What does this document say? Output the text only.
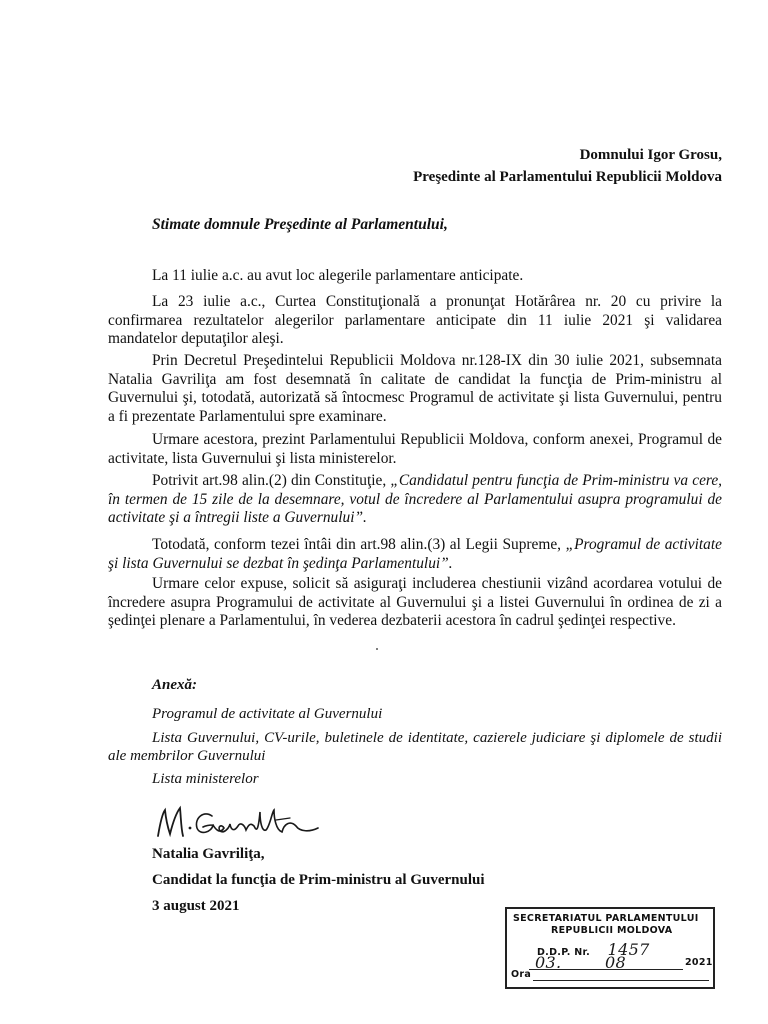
Domnului Igor Grosu,
Preşedinte al Parlamentului Republicii Moldova
Stimate domnule Preşedinte al Parlamentului,
La 11 iulie a.c. au avut loc alegerile parlamentare anticipate.
La 23 iulie a.c., Curtea Constituţională a pronunţat Hotărârea nr. 20 cu privire la confirmarea rezultatelor alegerilor parlamentare anticipate din 11 iulie 2021 şi validarea mandatelor deputaţilor aleşi.
Prin Decretul Preşedintelui Republicii Moldova nr.128-IX din 30 iulie 2021, subsemnata Natalia Gavriliţa am fost desemnată în calitate de candidat la funcţia de Prim-ministru al Guvernului şi, totodată, autorizată să întocmesc Programul de activitate şi lista Guvernului, pentru a fi prezentate Parlamentului spre examinare.
Urmare acestora, prezint Parlamentului Republicii Moldova, conform anexei, Programul de activitate, lista Guvernului şi lista ministerelor.
Potrivit art.98 alin.(2) din Constituţie, „Candidatul pentru funcţia de Prim-ministru va cere, în termen de 15 zile de la desemnare, votul de încredere al Parlamentului asupra programului de activitate şi a întregii liste a Guvernului”.
Totodată, conform tezei întâi din art.98 alin.(3) al Legii Supreme, „Programul de activitate şi lista Guvernului se dezbat în şedinţa Parlamentului”.
Urmare celor expuse, solicit să asiguraţi includerea chestiunii vizând acordarea votului de încredere asupra Programului de activitate al Guvernului şi a listei Guvernului în ordinea de zi a şedinţei plenare a Parlamentului, în vederea dezbaterii acestora în cadrul şedinţei respective.
Anexă:
Programul de activitate al Guvernului
Lista Guvernului, CV-urile, buletinele de identitate, cazierele judiciare şi diplomele de studii ale membrilor Guvernului
Lista ministerelor
Natalia Gavriliţa,
Candidat la funcţia de Prim-ministru al Guvernului
3 august 2021
SECRETARIATUL PARLAMENTULUI
REPUBLICII MOLDOVA
D.D.P. Nr. 1457
03.	08	2021
Ora
